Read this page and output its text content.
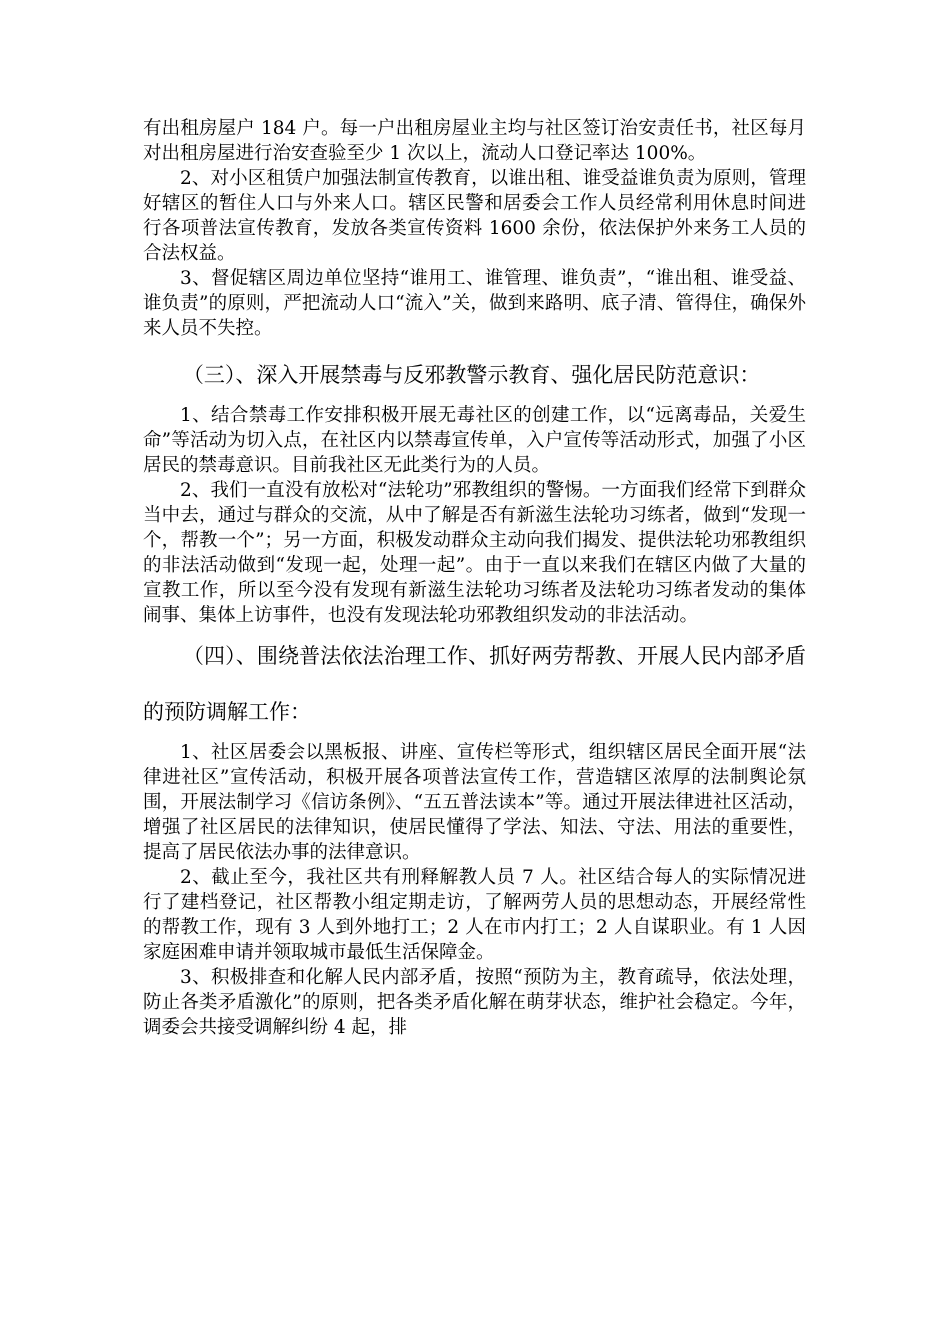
有出租房屋户 184 户。每一户出租房屋业主均与社区签订治安责任书，社区每月对出租房屋进行治安查验至少 1 次以上，流动人口登记率达 100%。

2、对小区租赁户加强法制宣传教育，以谁出租、谁受益谁负责为原则，管理好辖区的暂住人口与外来人口。辖区民警和居委会工作人员经常利用休息时间进行各项普法宣传教育，发放各类宣传资料 1600 余份，依法保护外来务工人员的合法权益。

3、督促辖区周边单位坚持“谁用工、谁管理、谁负责”，“谁出租、谁受益、谁负责”的原则，严把流动人口“流入”关，做到来路明、底子清、管得住，确保外来人员不失控。

（三）、深入开展禁毒与反邪教警示教育、强化居民防范意识：

1、结合禁毒工作安排积极开展无毒社区的创建工作，以“远离毒品，关爱生命”等活动为切入点，在社区内以禁毒宣传单，入户宣传等活动形式，加强了小区居民的禁毒意识。目前我社区无此类行为的人员。

2、我们一直没有放松对“法轮功”邪教组织的警惕。一方面我们经常下到群众当中去，通过与群众的交流，从中了解是否有新滋生法轮功习练者，做到“发现一个，帮教一个”；另一方面，积极发动群众主动向我们揭发、提供法轮功邪教组织的非法活动做到“发现一起，处理一起”。由于一直以来我们在辖区内做了大量的宣教工作，所以至今没有发现有新滋生法轮功习练者及法轮功习练者发动的集体闹事、集体上访事件，也没有发现法轮功邪教组织发动的非法活动。

（四）、围绕普法依法治理工作、抓好两劳帮教、开展人民内部矛盾的预防调解工作：

1、社区居委会以黑板报、讲座、宣传栏等形式，组织辖区居民全面开展“法律进社区”宣传活动，积极开展各项普法宣传工作，营造辖区浓厚的法制舆论氛围，开展法制学习《信访条例》、“五五普法读本”等。通过开展法律进社区活动，增强了社区居民的法律知识，使居民懂得了学法、知法、守法、用法的重要性，提高了居民依法办事的法律意识。

2、截止至今，我社区共有刑释解教人员 7 人。社区结合每人的实际情况进行了建档登记，社区帮教小组定期走访，了解两劳人员的思想动态，开展经常性的帮教工作，现有 3 人到外地打工；2 人在市内打工；2 人自谋职业。有 1 人因家庭困难申请并领取城市最低生活保障金。

3、积极排查和化解人民内部矛盾，按照“预防为主，教育疏导，依法处理，防止各类矛盾激化”的原则，把各类矛盾化解在萌芽状态，维护社会稳定。今年，调委会共接受调解纠纷 4 起，排
